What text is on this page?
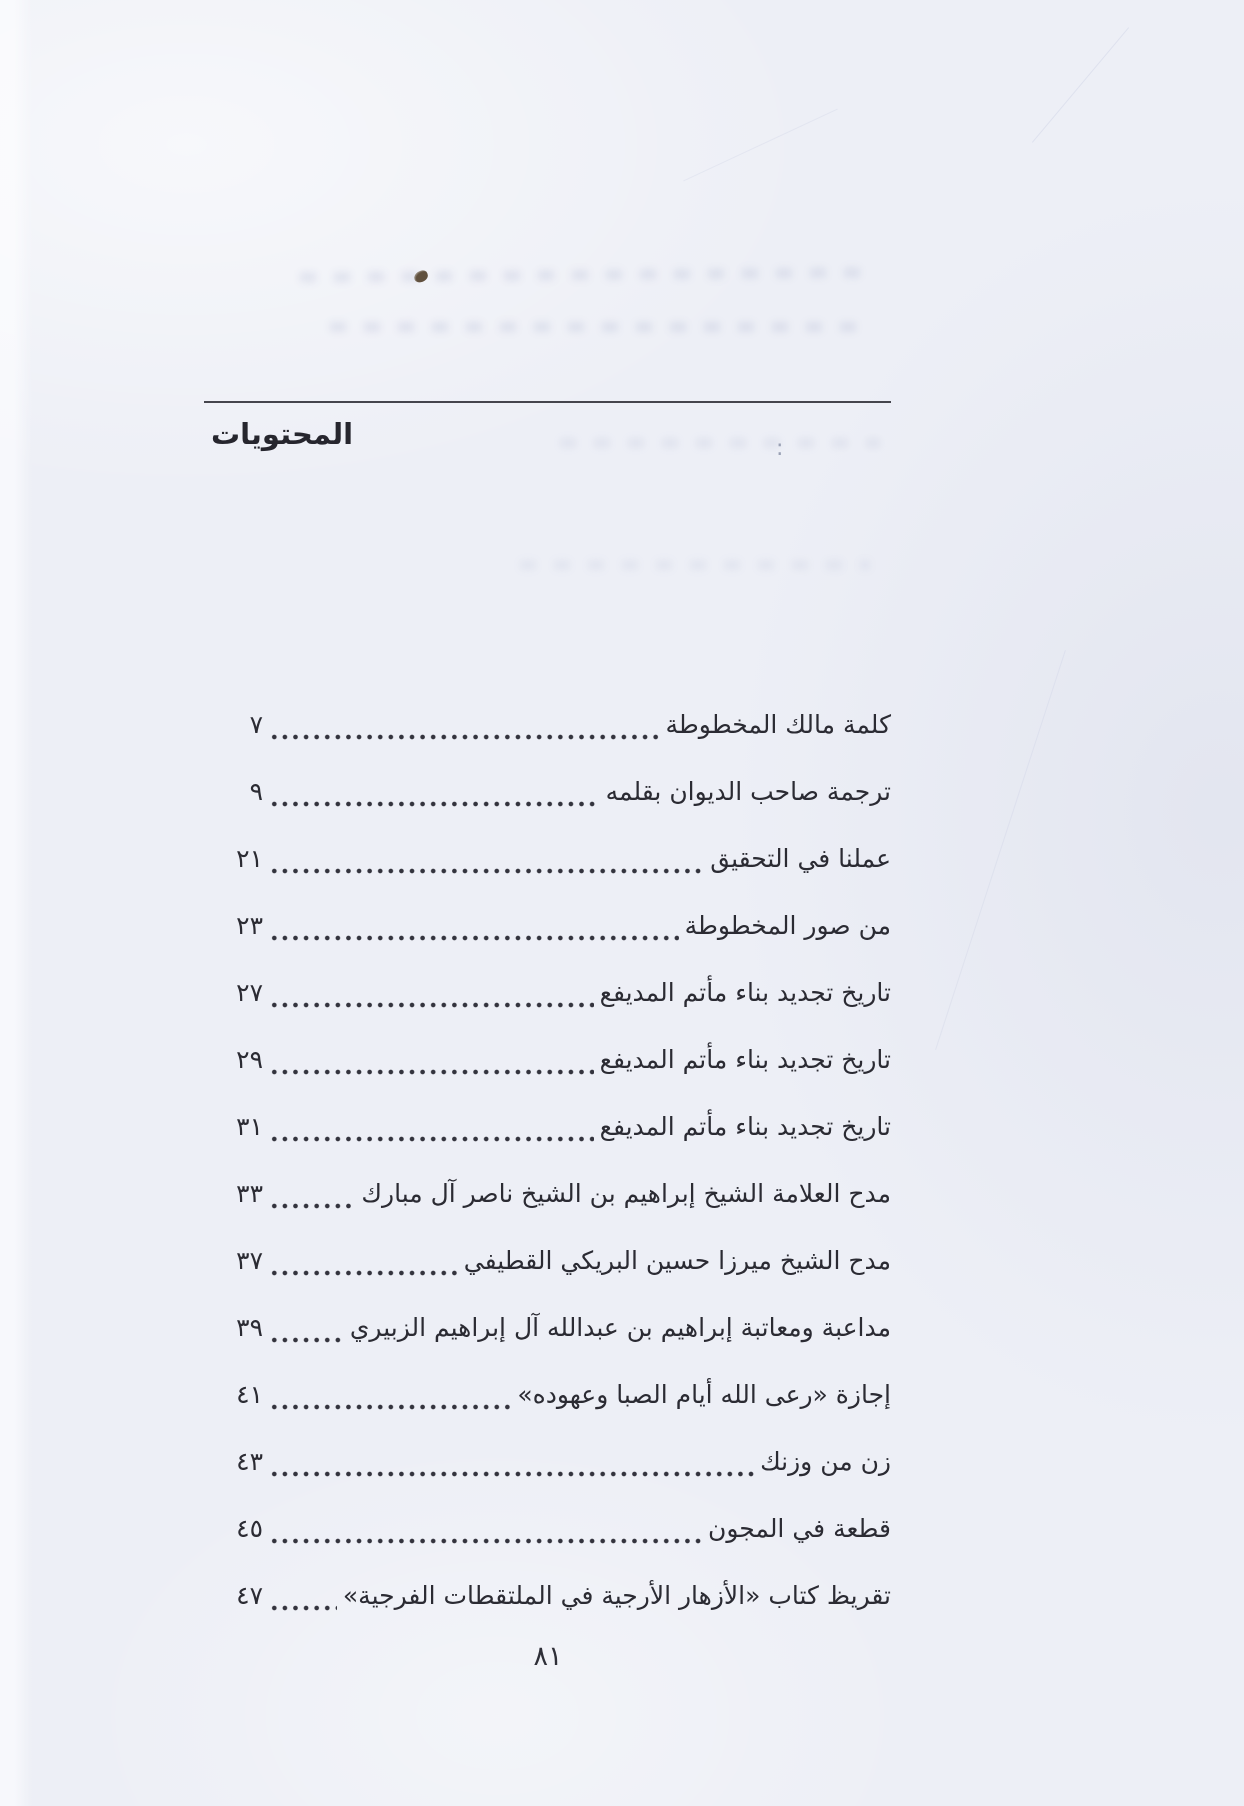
المحتويات	:
كلمة مالك المخطوطة
٧
ترجمة صاحب الديوان بقلمه
٩
عملنا في التحقيق
٢١
من صور المخطوطة
٢٣
تاريخ تجديد بناء مأتم المديفع
٢٧
تاريخ تجديد بناء مأتم المديفع
٢٩
تاريخ تجديد بناء مأتم المديفع
٣١
مدح العلامة الشيخ إبراهيم بن الشيخ ناصر آل مبارك
٣٣
مدح الشيخ ميرزا حسين البريكي القطيفي
٣٧
مداعبة ومعاتبة إبراهيم بن عبدالله آل إبراهيم الزبيري
٣٩
إجازة «رعى الله أيام الصبا وعهوده»
٤١
زن من وزنك
٤٣
قطعة في المجون
٤٥
تقريظ كتاب «الأزهار الأرجية في الملتقطات الفرجية»
٤٧
٨١
